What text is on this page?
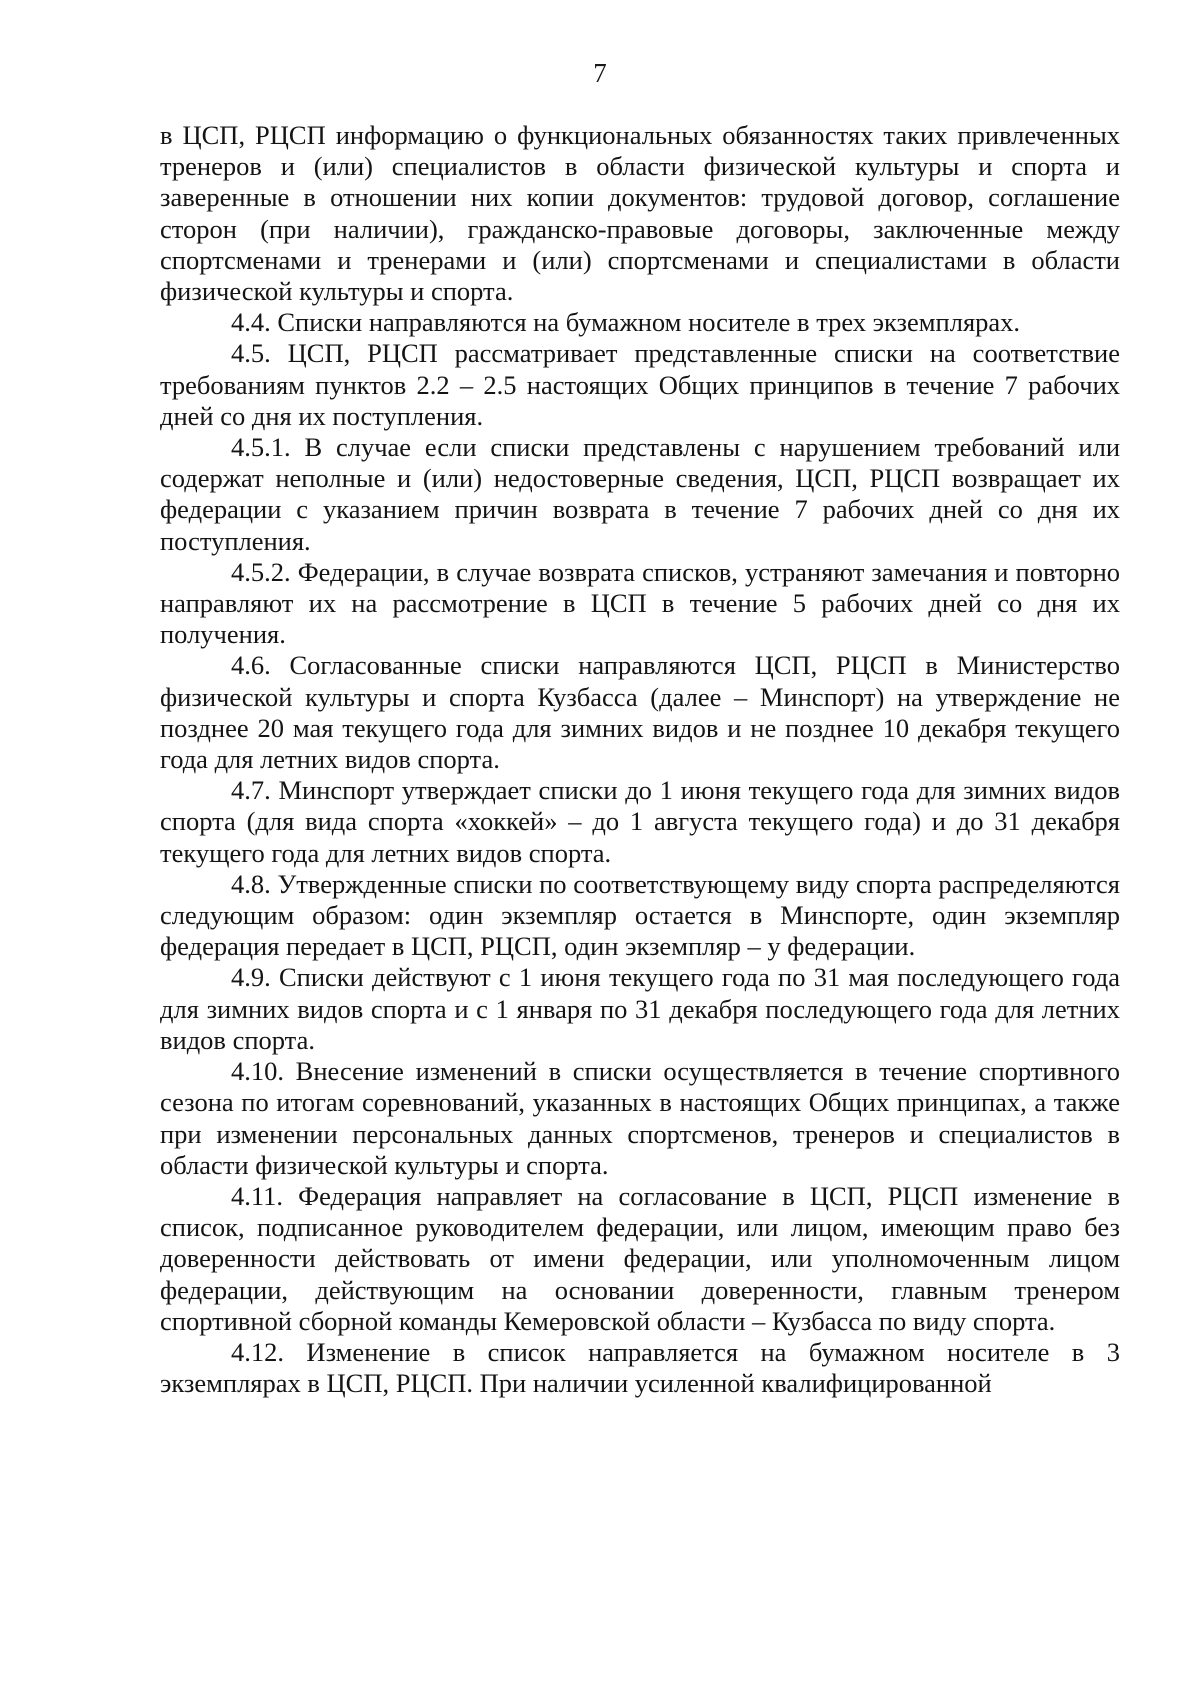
7

в ЦСП, РЦСП информацию о функциональных обязанностях таких привлеченных тренеров и (или) специалистов в области физической культуры и спорта и заверенные в отношении них копии документов: трудовой договор, соглашение сторон (при наличии), гражданско-правовые договоры, заключенные между спортсменами и тренерами и (или) спортсменами и специалистами в области физической культуры и спорта.

4.4. Списки направляются на бумажном носителе в трех экземплярах.

4.5. ЦСП, РЦСП рассматривает представленные списки на соответствие требованиям пунктов 2.2 – 2.5 настоящих Общих принципов в течение 7 рабочих дней со дня их поступления.

4.5.1. В случае если списки представлены с нарушением требований или содержат неполные и (или) недостоверные сведения, ЦСП, РЦСП возвращает их федерации с указанием причин возврата в течение 7 рабочих дней со дня их поступления.

4.5.2. Федерации, в случае возврата списков, устраняют замечания и повторно направляют их на рассмотрение в ЦСП в течение 5 рабочих дней со дня их получения.

4.6. Согласованные списки направляются ЦСП, РЦСП в Министерство физической культуры и спорта Кузбасса (далее – Минспорт) на утверждение не позднее 20 мая текущего года для зимних видов и не позднее 10 декабря текущего года для летних видов спорта.

4.7. Минспорт утверждает списки до 1 июня текущего года для зимних видов спорта (для вида спорта «хоккей» – до 1 августа текущего года) и до 31 декабря текущего года для летних видов спорта.

4.8. Утвержденные списки по соответствующему виду спорта распределяются следующим образом: один экземпляр остается в Минспорте, один экземпляр федерация передает в ЦСП, РЦСП, один экземпляр – у федерации.

4.9. Списки действуют с 1 июня текущего года по 31 мая последующего года для зимних видов спорта и с 1 января по 31 декабря последующего года для летних видов спорта.

4.10. Внесение изменений в списки осуществляется в течение спортивного сезона по итогам соревнований, указанных в настоящих Общих принципах, а также при изменении персональных данных спортсменов, тренеров и специалистов в области физической культуры и спорта.

4.11. Федерация направляет на согласование в ЦСП, РЦСП изменение в список, подписанное руководителем федерации, или лицом, имеющим право без доверенности действовать от имени федерации, или уполномоченным лицом федерации, действующим на основании доверенности, главным тренером спортивной сборной команды Кемеровской области – Кузбасса по виду спорта.

4.12. Изменение в список направляется на бумажном носителе в 3 экземплярах в ЦСП, РЦСП. При наличии усиленной квалифицированной
